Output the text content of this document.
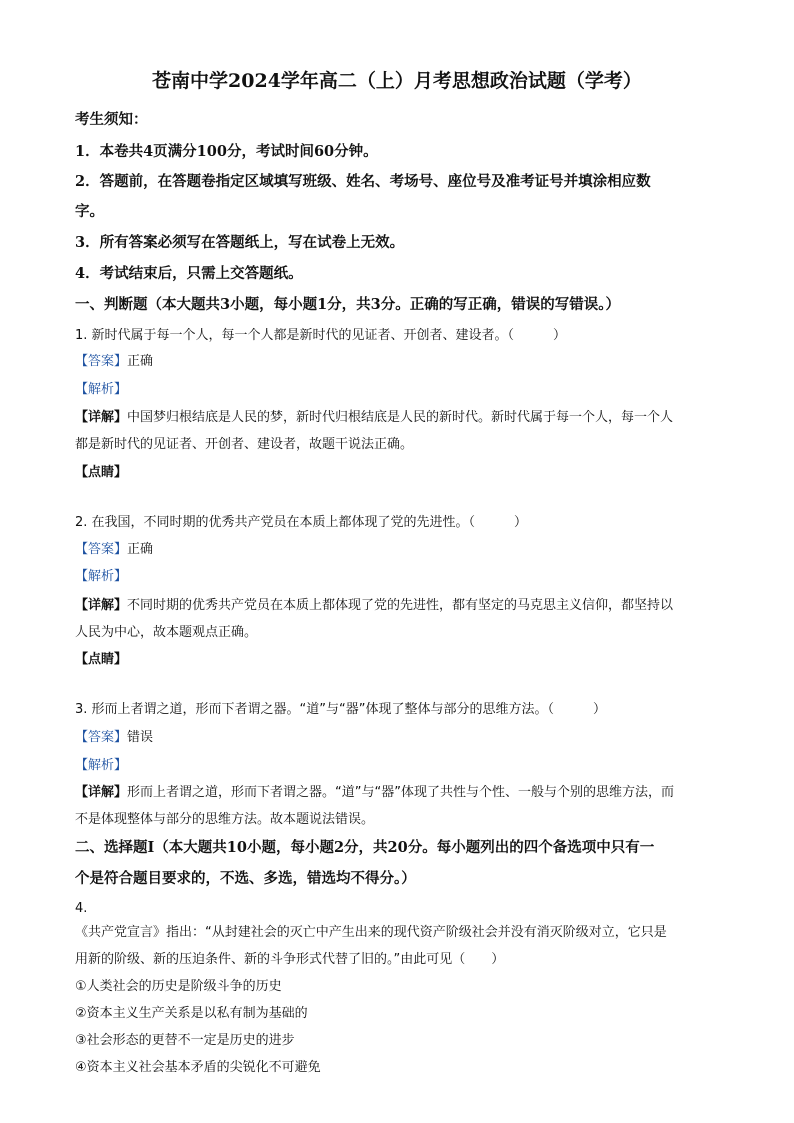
苍南中学2024学年高二（上）月考思想政治试题（学考）
考生须知：
1．本卷共4页满分100分，考试时间60分钟。
2．答题前，在答题卷指定区域填写班级、姓名、考场号、座位号及准考证号并填涂相应数
字。
3．所有答案必须写在答题纸上，写在试卷上无效。
4．考试结束后，只需上交答题纸。
一、判断题（本大题共3小题，每小题1分，共3分。正确的写正确，错误的写错误。）
1. 新时代属于每一个人，每一个人都是新时代的见证者、开创者、建设者。（　　　）
【答案】正确
【解析】
【详解】中国梦归根结底是人民的梦，新时代归根结底是人民的新时代。新时代属于每一个人，每一个人
都是新时代的见证者、开创者、建设者，故题干说法正确。
【点睛】
2. 在我国，不同时期的优秀共产党员在本质上都体现了党的先进性。（　　　）
【答案】正确
【解析】
【详解】不同时期的优秀共产党员在本质上都体现了党的先进性，都有坚定的马克思主义信仰，都坚持以
人民为中心，故本题观点正确。
【点睛】
3. 形而上者谓之道，形而下者谓之器。“道”与“器”体现了整体与部分的思维方法。（　　　）
【答案】错误
【解析】
【详解】形而上者谓之道，形而下者谓之器。“道”与“器”体现了共性与个性、一般与个别的思维方法，而
不是体现整体与部分的思维方法。故本题说法错误。
二、选择题Ⅰ（本大题共10小题，每小题2分，共20分。每小题列出的四个备选项中只有一
个是符合题目要求的，不选、多选，错选均不得分。）
4.
《共产党宣言》指出：“从封建社会的灭亡中产生出来的现代资产阶级社会并没有消灭阶级对立，它只是
用新的阶级、新的压迫条件、新的斗争形式代替了旧的。”由此可见（　　）
①人类社会的历史是阶级斗争的历史
②资本主义生产关系是以私有制为基础的
③社会形态的更替不一定是历史的进步
④资本主义社会基本矛盾的尖锐化不可避免
